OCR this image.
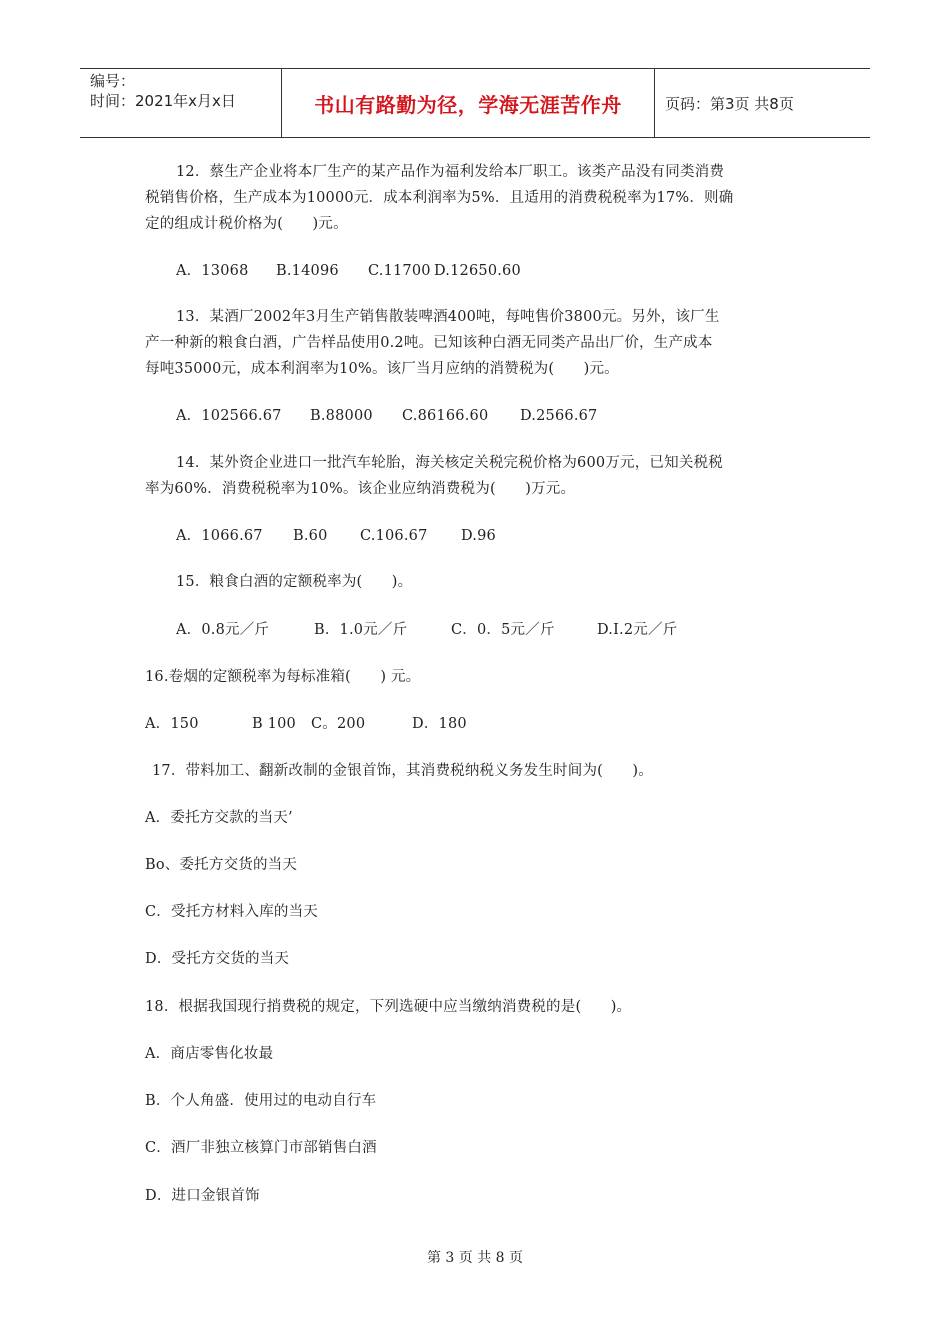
编号：
时间：2021年x月x日	书山有路勤为径，学海无涯苦作舟	页码：第3页 共8页
12．蔡生产企业将本厂生产的某产品作为福利发给本厂职工。该类产品没有同类消费
税销售价格，生产成本为10000元．成本利润率为5%．且适用的消费税税率为17%．则确
定的组成计税价格为(　　)元。
A．13068 B.14096 C.11700 D.12650.60
13．某酒厂2002年3月生产销售散装啤酒400吨，每吨售价3800元。另外，该厂生
产一种新的粮食白酒，广告样品使用0.2吨。已知该种白酒无同类产品出厂价，生产成本
每吨35000元，成本利润率为10%。该厂当月应纳的消赞税为(　　)元。
A．102566.67 B.88000 C.86166.60 D.2566.67
14．某外资企业进口一批汽车轮胎，海关核定关税完税价格为600万元，已知关税税
率为60%．消费税税率为10%。该企业应纳消费税为(　　)万元。
A．1066.67 B.60 C.106.67 D.96
15．粮食白酒的定额税率为(　　)。
A．0.8元／斤	B．1.0元／斤	C．0．5元／斤	D.I.2元／斤
16.卷烟的定额税率为每标准箱(　　) 元。
A．150	B 100 C。200	D．180
17．带料加工、翻新改制的金银首饰，其消费税纳税义务发生时间为(　　)。
A．委托方交款的当天’
Bo、委托方交货的当天
C．受托方材料入库的当天
D．受托方交货的当天
18．根据我国现行捎费税的规定，下列选硬中应当缴纳消费税的是(　　)。
A．商店零售化妆最
B．个人角盛．使用过的电动自行车
C．酒厂非独立核算门市部销售白酒
D．进口金银首饰
第 3 页 共 8 页
